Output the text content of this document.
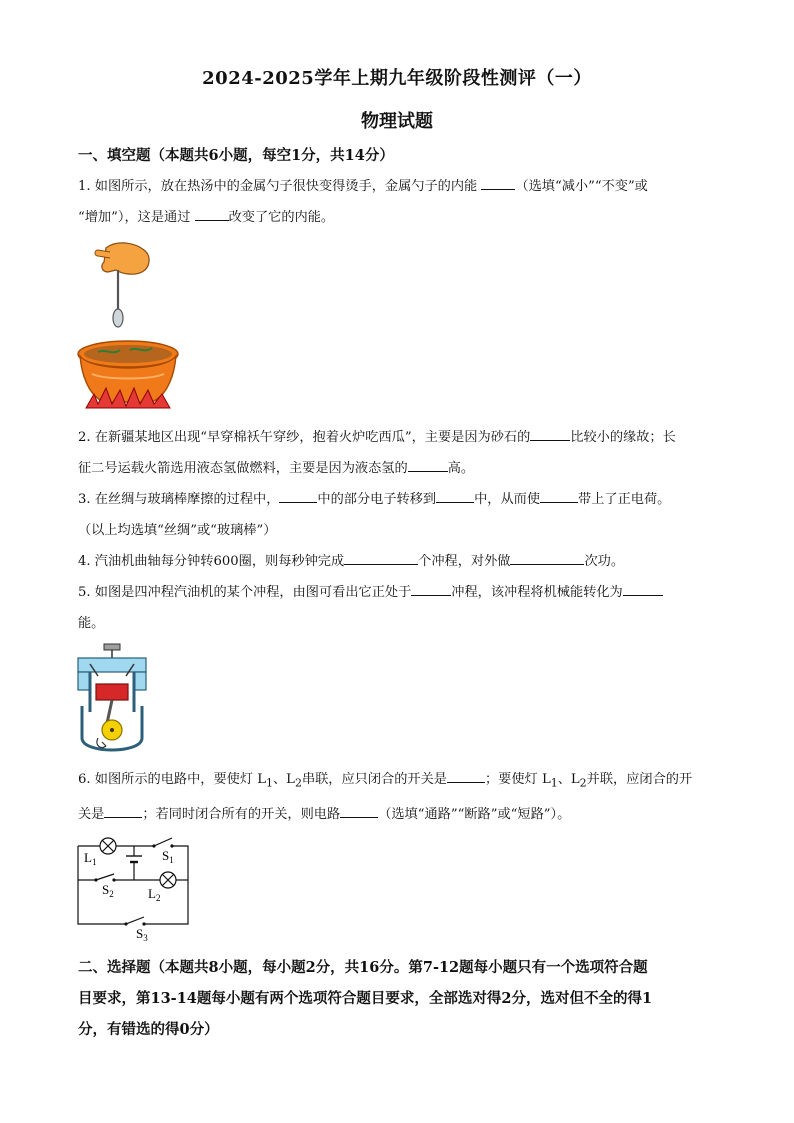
2024-2025学年上期九年级阶段性测评（一）
物理试题
一、填空题（本题共6小题，每空1分，共14分）
1. 如图所示，放在热汤中的金属勺子很快变得烫手，金属勺子的内能	（选填“减小”“不变”或
“增加”），这是通过	改变了它的内能。
2. 在新疆某地区出现“早穿棉袄午穿纱，抱着火炉吃西瓜”，主要是因为砂石的	比较小的缘故；长
征二号运载火箭选用液态氢做燃料，主要是因为液态氢的	高。
3. 在丝绸与玻璃棒摩擦的过程中，	中的部分电子转移到	中，从而使	带上了正电荷。
（以上均选填“丝绸”或“玻璃棒”）
4. 汽油机曲轴每分钟转600圈，则每秒钟完成	个冲程，对外做	次功。
5. 如图是四冲程汽油机的某个冲程，由图可看出它正处于	冲程，该冲程将机械能转化为
能。
6. 如图所示的电路中，要使灯 $L_1$、$L_2$串联，应只闭合的开关是	；要使灯 $L_1$、$L_2$并联，应闭合的开
关是	；若同时闭合所有的开关，则电路	（选填“通路”“断路”或“短路”）。
$L_1$	$S_1$
$S_2$	$L_2$
$S_3$
二、选择题（本题共8小题，每小题2分，共16分。第7-12题每小题只有一个选项符合题
目要求，第13-14题每小题有两个选项符合题目要求，全部选对得2分，选对但不全的得1
分，有错选的得0分）
